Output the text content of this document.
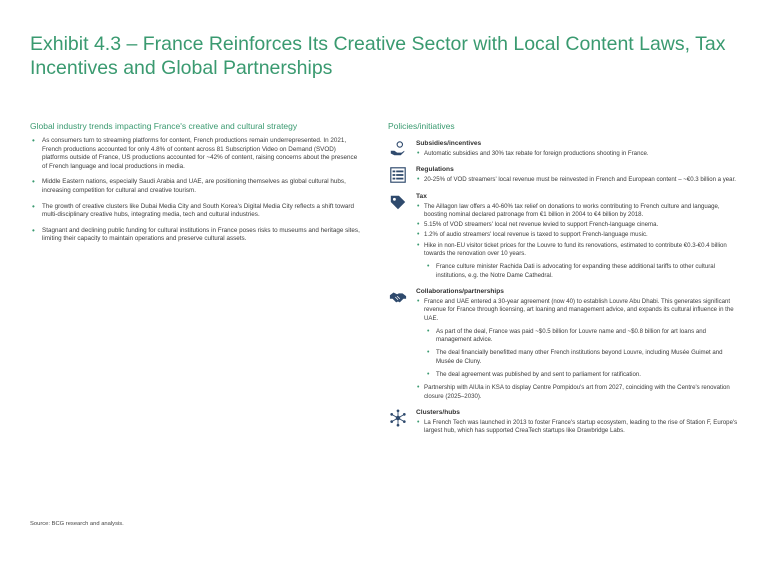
Exhibit 4.3 – France Reinforces Its Creative Sector with Local Content Laws, Tax Incentives and Global Partnerships
Global industry trends impacting France's creative and cultural strategy
• As consumers turn to streaming platforms for content, French productions remain underrepresented. In 2021, French productions accounted for only 4.8% of content across 81 Subscription Video on Demand (SVOD) platforms outside of France, US productions accounted for ~42% of content, raising concerns about the presence of French language and local productions in media.
• Middle Eastern nations, especially Saudi Arabia and UAE, are positioning themselves as global cultural hubs, increasing competition for cultural and creative tourism.
• The growth of creative clusters like Dubai Media City and South Korea's Digital Media City reflects a shift toward multi-disciplinary creative hubs, integrating media, tech and cultural industries.
• Stagnant and declining public funding for cultural institutions in France poses risks to museums and heritage sites, limiting their capacity to maintain operations and preserve cultural assets.
Policies/initiatives
Subsidies/incentives
• Automatic subsidies and 30% tax rebate for foreign productions shooting in France.
Regulations
• 20-25% of VOD streamers' local revenue must be reinvested in French and European content – ~€0.3 billion a year.
Tax
• The Aillagon law offers a 40-60% tax relief on donations to works contributing to French culture and language, boosting nominal declared patronage from €1 billion in 2004 to €4 billion by 2018.
• 5.15% of VOD streamers' local net revenue levied to support French-language cinema.
• 1.2% of audio streamers' local revenue is taxed to support French-language music.
• Hike in non-EU visitor ticket prices for the Louvre to fund its renovations, estimated to contribute €0.3-€0.4 billion towards the renovation over 10 years.
• France culture minister Rachida Dati is advocating for expanding these additional tariffs to other cultural institutions, e.g. the Notre Dame Cathedral.
Collaborations/partnerships
• France and UAE entered a 30-year agreement (now 40) to establish Louvre Abu Dhabi. This generates significant revenue for France through licensing, art loaning and management advice, and expands its cultural influence in the UAE.
• As part of the deal, France was paid ~$0.5 billion for Louvre name and ~$0.8 billion for art loans and management advice.
• The deal financially benefitted many other French institutions beyond Louvre, including Musée Guimet and Musée de Cluny.
• The deal agreement was published by and sent to parliament for ratification.
• Partnership with AlUla in KSA to display Centre Pompidou's art from 2027, coinciding with the Centre's renovation closure (2025–2030).
Clusters/hubs
• La French Tech was launched in 2013 to foster France's startup ecosystem, leading to the rise of Station F, Europe's largest hub, which has supported CreaTech startups like Drawbridge Labs.
Source: BCG research and analysis.
